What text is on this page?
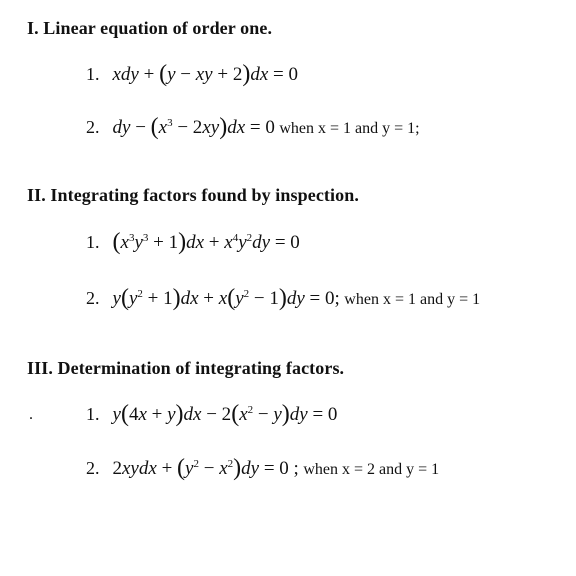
I. Linear equation of order one.
1. xdy + (y − xy + 2)dx = 0
2. dy − $(x^3 - 2xy)dx = 0$ when x = 1 and y = 1;
II. Integrating factors found by inspection.
1. $(x^3y^3 + 1)dx + x^4y^2dy = 0$
2. $y(y^2 + 1)dx + x(y^2 - 1)dy = 0$; when x = 1 and y = 1
III. Determination of integrating factors.
.	1. $y(4x + y)dx - 2(x^2 - y)dy = 0$
2. 2xydx + $(y^2 - x^2)dy = 0$ ; when x = 2 and y = 1
